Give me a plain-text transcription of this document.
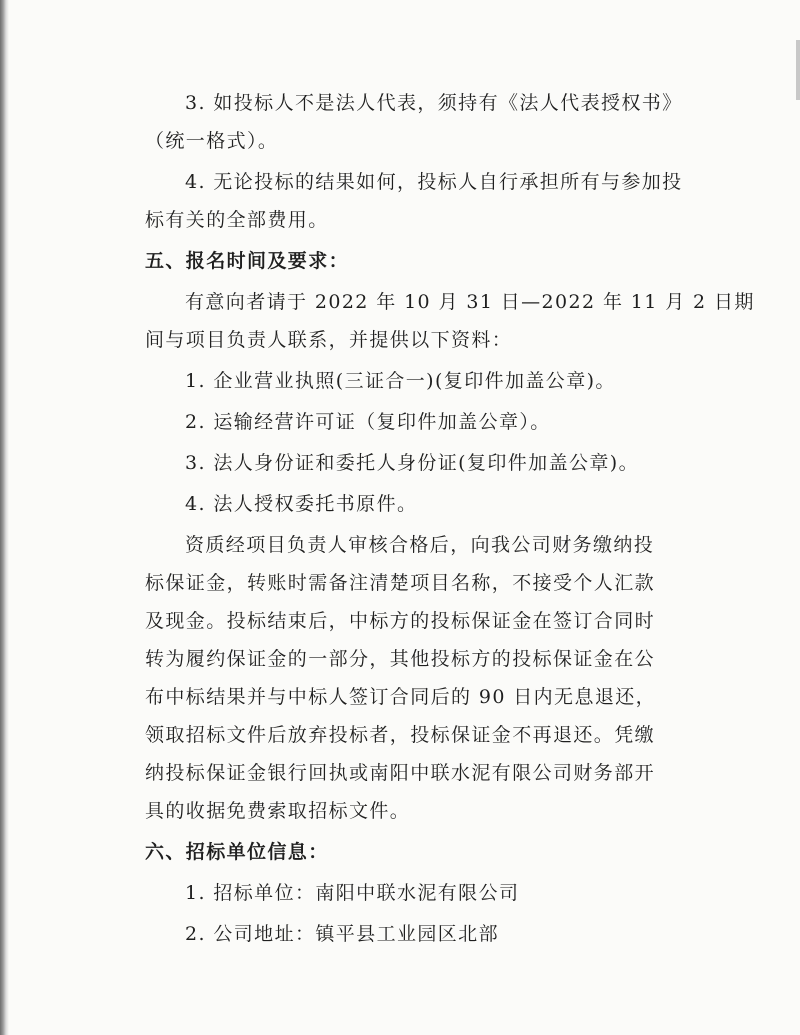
3. 如投标人不是法人代表，须持有《法人代表授权书》
（统一格式）。
4. 无论投标的结果如何，投标人自行承担所有与参加投
标有关的全部费用。
五、报名时间及要求：
有意向者请于 2022 年 10 月 31 日—2022 年 11 月 2 日期
间与项目负责人联系，并提供以下资料：
1. 企业营业执照(三证合一)(复印件加盖公章)。
2. 运输经营许可证（复印件加盖公章）。
3. 法人身份证和委托人身份证(复印件加盖公章)。
4. 法人授权委托书原件。

资质经项目负责人审核合格后，向我公司财务缴纳投标保证金，转账时需备注清楚项目名称，不接受个人汇款及现金。投标结束后，中标方的投标保证金在签订合同时转为履约保证金的一部分，其他投标方的投标保证金在公布中标结果并与中标人签订合同后的 90 日内无息退还，领取招标文件后放弃投标者，投标保证金不再退还。凭缴纳投标保证金银行回执或南阳中联水泥有限公司财务部开具的收据免费索取招标文件。

六、招标单位信息：
1. 招标单位：南阳中联水泥有限公司
2. 公司地址：镇平县工业园区北部
